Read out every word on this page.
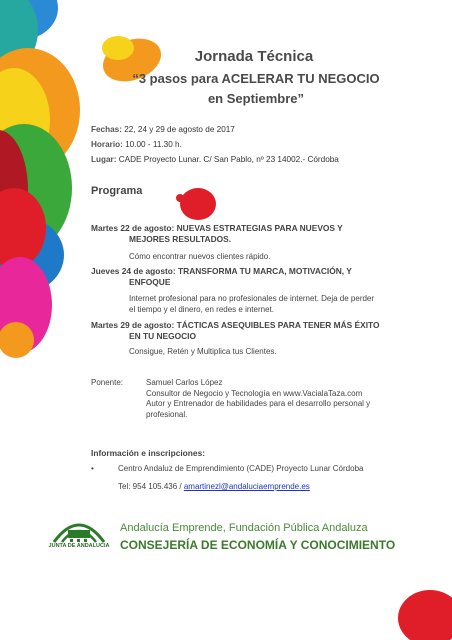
Jornada Técnica
“3 pasos para ACELERAR TU NEGOCIO
en Septiembre”
Fechas: 22, 24 y 29 de agosto de 2017
Horario: 10.00 - 11.30 h.
Lugar: CADE Proyecto Lunar. C/ San Pablo, nº 23 14002.- Córdoba
Programa
Martes 22 de agosto: NUEVAS ESTRATEGIAS PARA NUEVOS Y
MEJORES RESULTADOS.
Cómo encontrar nuevos clientes rápido.
Jueves 24 de agosto: TRANSFORMA TU MARCA, MOTIVACIÓN, Y
ENFOQUE
Internet profesional para no profesionales de internet. Deja de perder
el tiempo y el dinero, en redes e internet.
Martes 29 de agosto: TÁCTICAS ASEQUIBLES PARA TENER MÁS ÉXITO
EN TU NEGOCIO
Consigue, Retén y Multiplica tus Clientes.
Ponente:	Samuel Carlos López
Consultor de Negocio y Tecnología en www.VacialaTaza.com
Autor y Entrenador de habilidades para el desarrollo personal y
profesional.
Información e inscripciones:
•	Centro Andaluz de Emprendimiento (CADE) Proyecto Lunar Córdoba
Tel: 954 105.436 / amartinezl@andaluciaemprende.es
JUNTA DE ANDALUCIA
Andalucía Emprende, Fundación Pública Andaluza
CONSEJERÍA DE ECONOMÍA Y CONOCIMIENTO
